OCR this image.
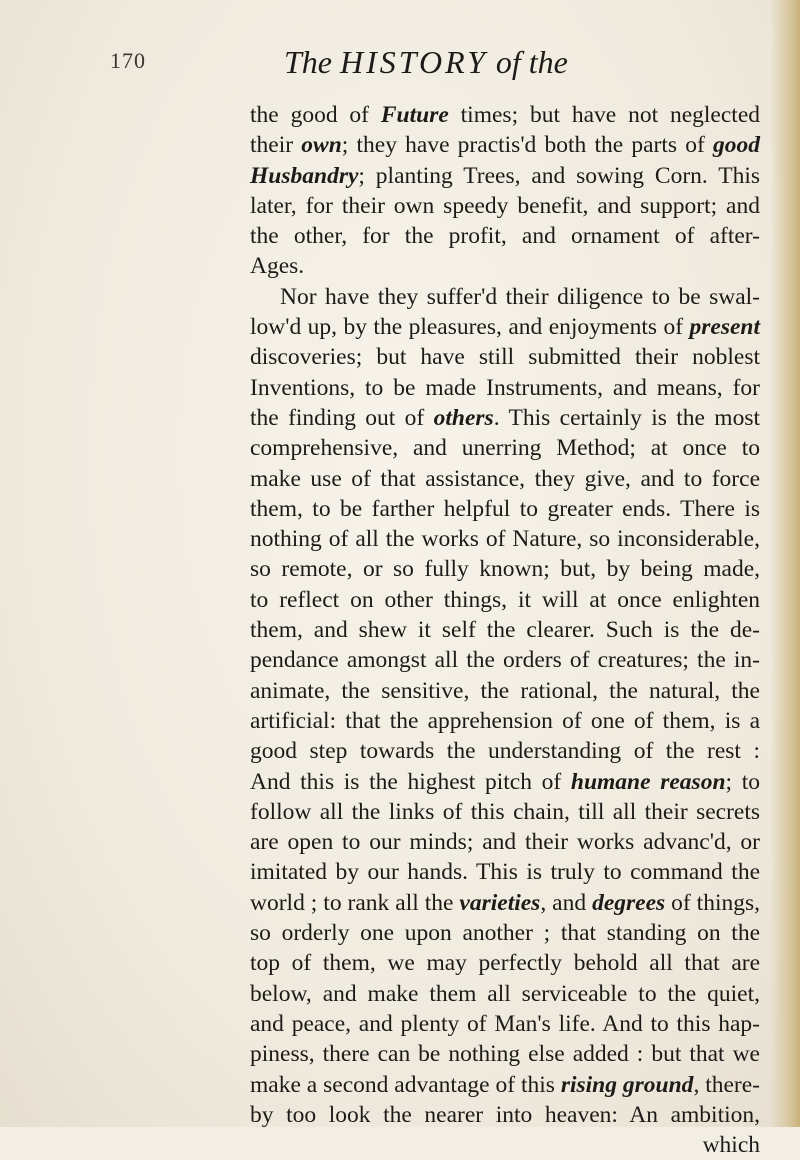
170	The HISTORY of the
the good of Future times; but have not neglected
their own; they have practis'd both the parts of good
Husbandry; planting Trees, and sowing Corn. This
later, for their own speedy benefit, and support; and
the other, for the profit, and ornament of after-
Ages.
Nor have they suffer'd their diligence to be swal-
low'd up, by the pleasures, and enjoyments of present
discoveries; but have still submitted their noblest
Inventions, to be made Instruments, and means, for
the finding out of others. This certainly is the most
comprehensive, and unerring Method; at once to
make use of that assistance, they give, and to force
them, to be farther helpful to greater ends. There is
nothing of all the works of Nature, so inconsiderable,
so remote, or so fully known; but, by being made,
to reflect on other things, it will at once enlighten
them, and shew it self the clearer. Such is the de-
pendance amongst all the orders of creatures; the in-
animate, the sensitive, the rational, the natural, the
artificial: that the apprehension of one of them, is a
good step towards the understanding of the rest :
And this is the highest pitch of humane reason; to
follow all the links of this chain, till all their secrets
are open to our minds; and their works advanc'd, or
imitated by our hands. This is truly to command the
world ; to rank all the varieties, and degrees of things,
so orderly one upon another ; that standing on the
top of them, we may perfectly behold all that are
below, and make them all serviceable to the quiet,
and peace, and plenty of Man's life. And to this hap-
piness, there can be nothing else added : but that we
make a second advantage of this rising ground, there-
by too look the nearer into heaven: An ambition,
which
